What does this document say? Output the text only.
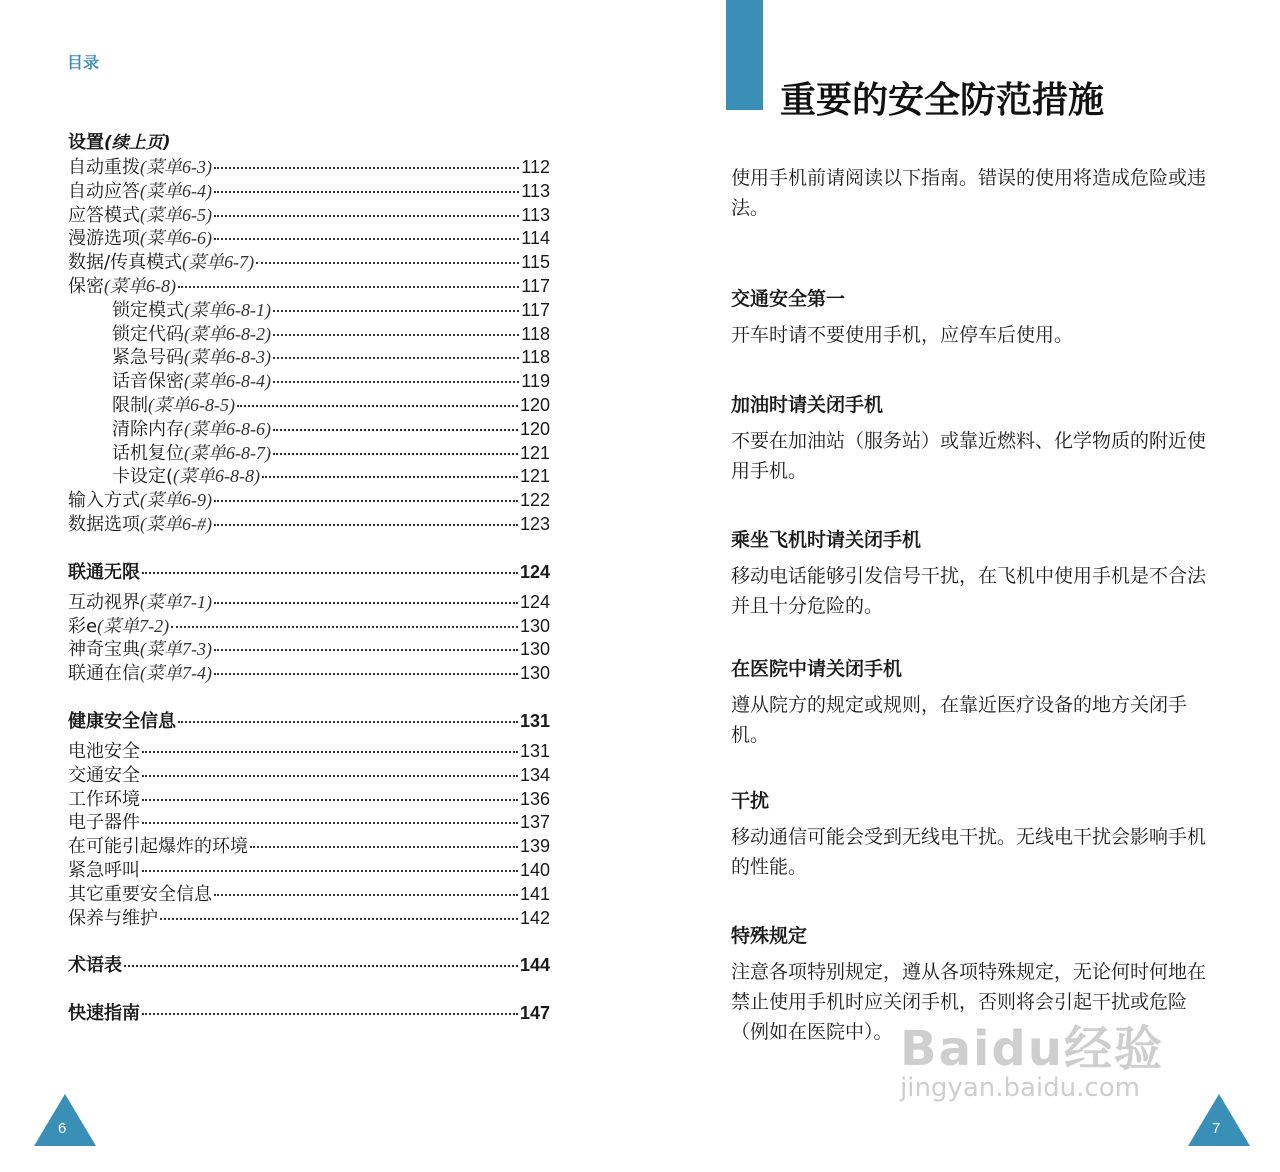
目录
设置(续上页)
自动重拨 (菜单6-3)	112
自动应答 (菜单6-4)	113
应答模式 (菜单6-5)	113
漫游选项 (菜单6-6)	114
数据/传真模式 (菜单6-7)	115
保密 (菜单6-8)	117
锁定模式 (菜单6-8-1)	117
锁定代码 (菜单6-8-2)	118
紧急号码 (菜单6-8-3)	118
话音保密 (菜单6-8-4)	119
限制 (菜单6-8-5)	120
清除内存 (菜单6-8-6)	120
话机复位 (菜单6-8-7)	121
卡设定( (菜单6-8-8)	121
输入方式 (菜单6-9)	122
数据选项 (菜单6-#)	123
联通无限	124
互动视界 (菜单7-1)	124
彩e (菜单7-2)	130
神奇宝典 (菜单7-3)	130
联通在信 (菜单7-4)	130
健康安全信息	131
电池安全	131
交通安全	134
工作环境	136
电子器件	137
在可能引起爆炸的环境	139
紧急呼叫	140
其它重要安全信息	141
保养与维护	142
术语表	144
快速指南	147
6
重要的安全防范措施
使用手机前请阅读以下指南。错误的使用将造成危险或违法。
交通安全第一
开车时请不要使用手机，应停车后使用。
加油时请关闭手机
不要在加油站（服务站）或靠近燃料、化学物质的附近使用手机。
乘坐飞机时请关闭手机
移动电话能够引发信号干扰，在飞机中使用手机是不合法并且十分危险的。
在医院中请关闭手机
遵从院方的规定或规则，在靠近医疗设备的地方关闭手机。
干扰
移动通信可能会受到无线电干扰。无线电干扰会影响手机的性能。
特殊规定
注意各项特别规定，遵从各项特殊规定，无论何时何地在禁止使用手机时应关闭手机，否则将会引起干扰或危险（例如在医院中）。 Baidu经验
jingyan.baidu.com
7
